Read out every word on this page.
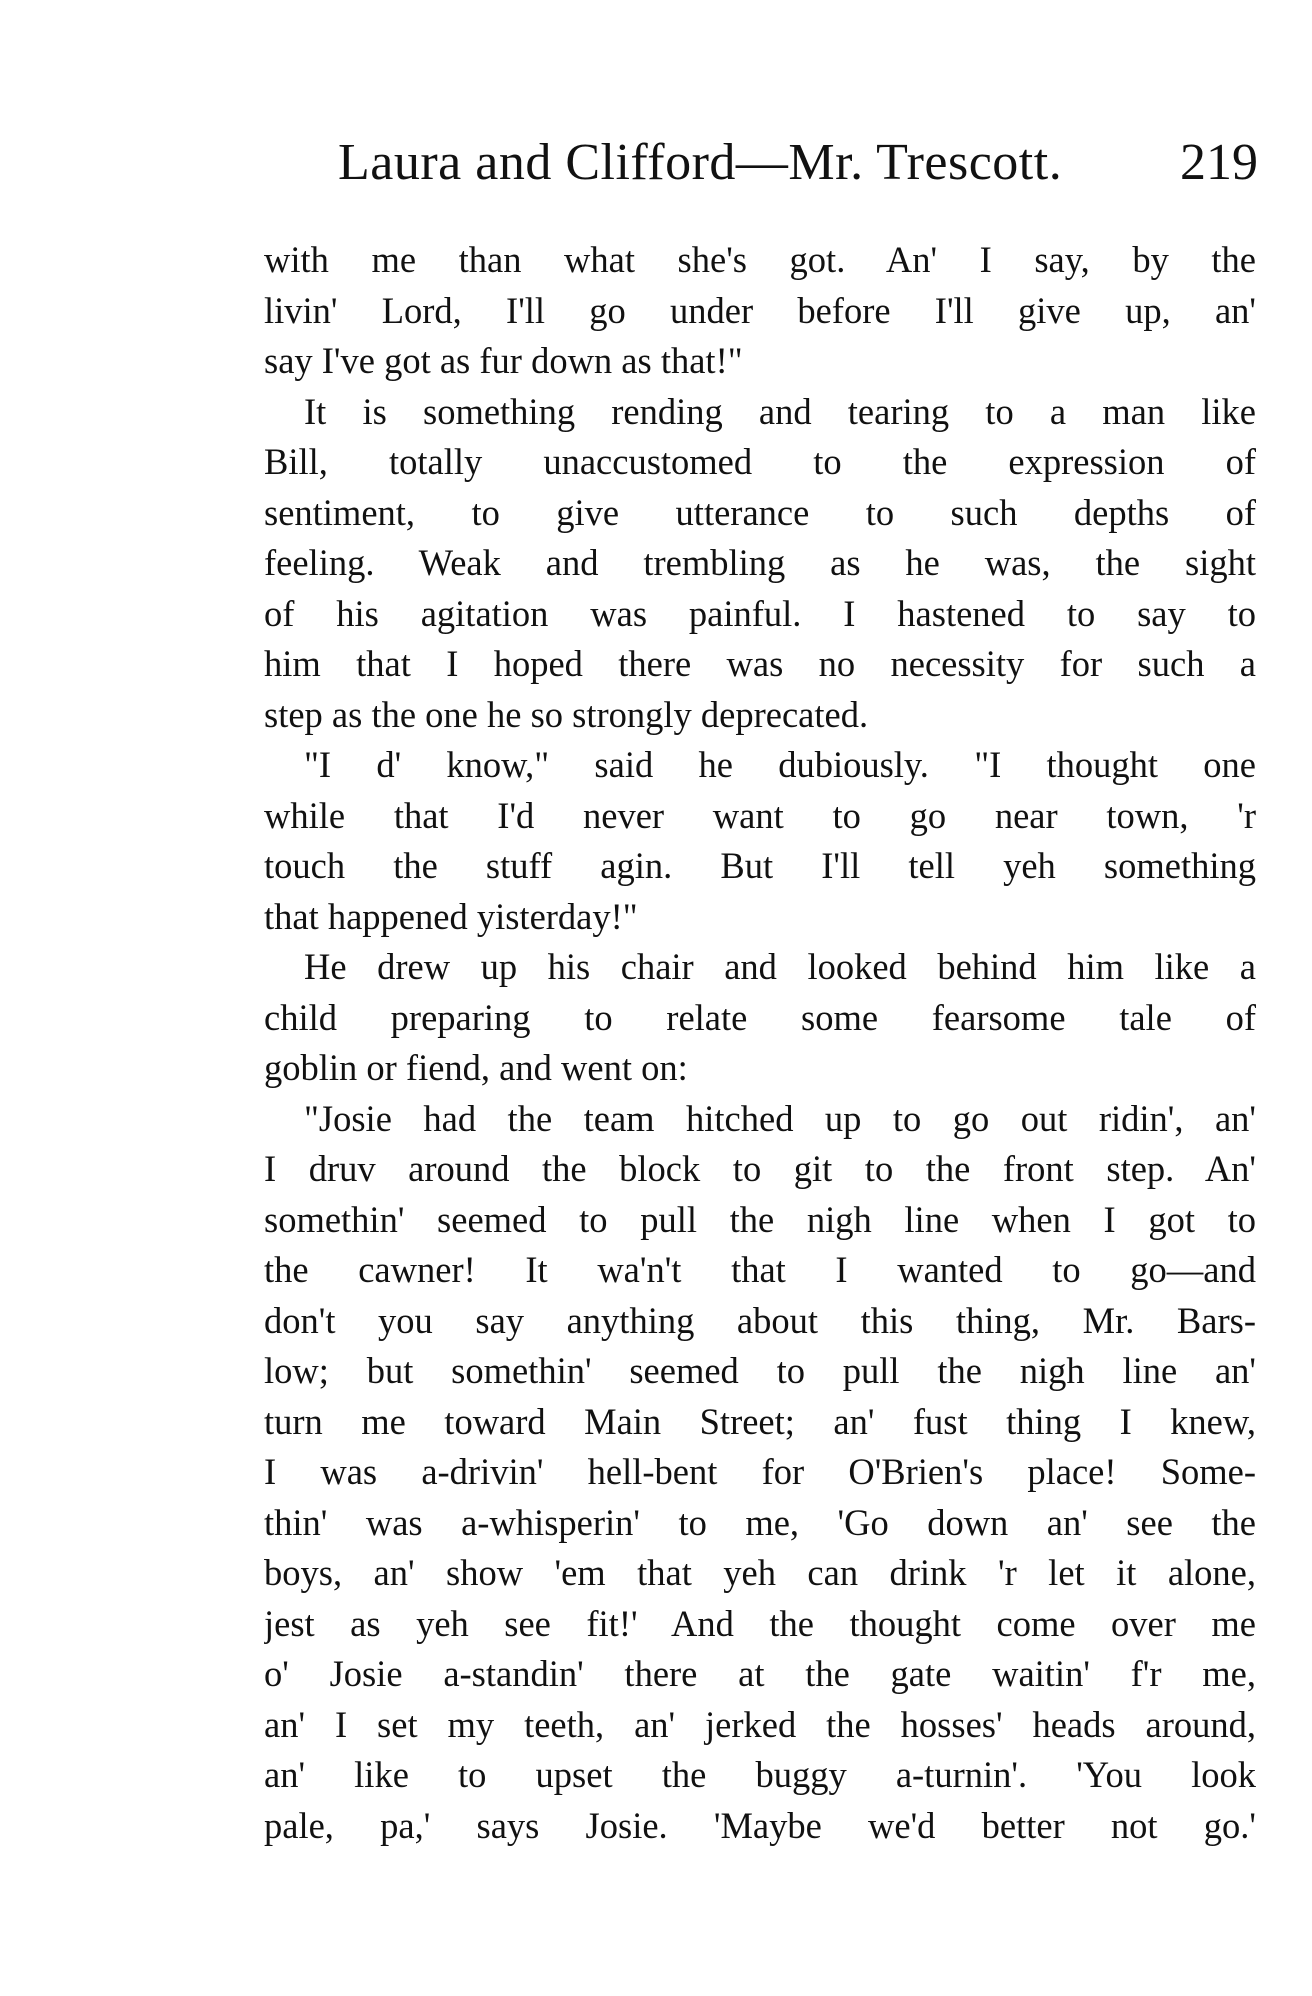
Laura and Clifford—Mr. Trescott. 219
with me than what she's got. An' I say, by the
livin' Lord, I'll go under before I'll give up, an'
say I've got as fur down as that!"
It is something rending and tearing to a man like
Bill, totally unaccustomed to the expression of
sentiment, to give utterance to such depths of
feeling. Weak and trembling as he was, the sight
of his agitation was painful. I hastened to say to
him that I hoped there was no necessity for such a
step as the one he so strongly deprecated.
"I d' know," said he dubiously. "I thought one
while that I'd never want to go near town, 'r
touch the stuff agin. But I'll tell yeh something
that happened yisterday!"
He drew up his chair and looked behind him like a
child preparing to relate some fearsome tale of
goblin or fiend, and went on:
"Josie had the team hitched up to go out ridin', an'
I druv around the block to git to the front step. An'
somethin' seemed to pull the nigh line when I got to
the cawner! It wa'n't that I wanted to go—and
don't you say anything about this thing, Mr. Bars-
low; but somethin' seemed to pull the nigh line an'
turn me toward Main Street; an' fust thing I knew,
I was a-drivin' hell-bent for O'Brien's place! Some-
thin' was a-whisperin' to me, 'Go down an' see the
boys, an' show 'em that yeh can drink 'r let it alone,
jest as yeh see fit!' And the thought come over me
o' Josie a-standin' there at the gate waitin' f'r me,
an' I set my teeth, an' jerked the hosses' heads around,
an' like to upset the buggy a-turnin'. 'You look
pale, pa,' says Josie. 'Maybe we'd better not go.'
